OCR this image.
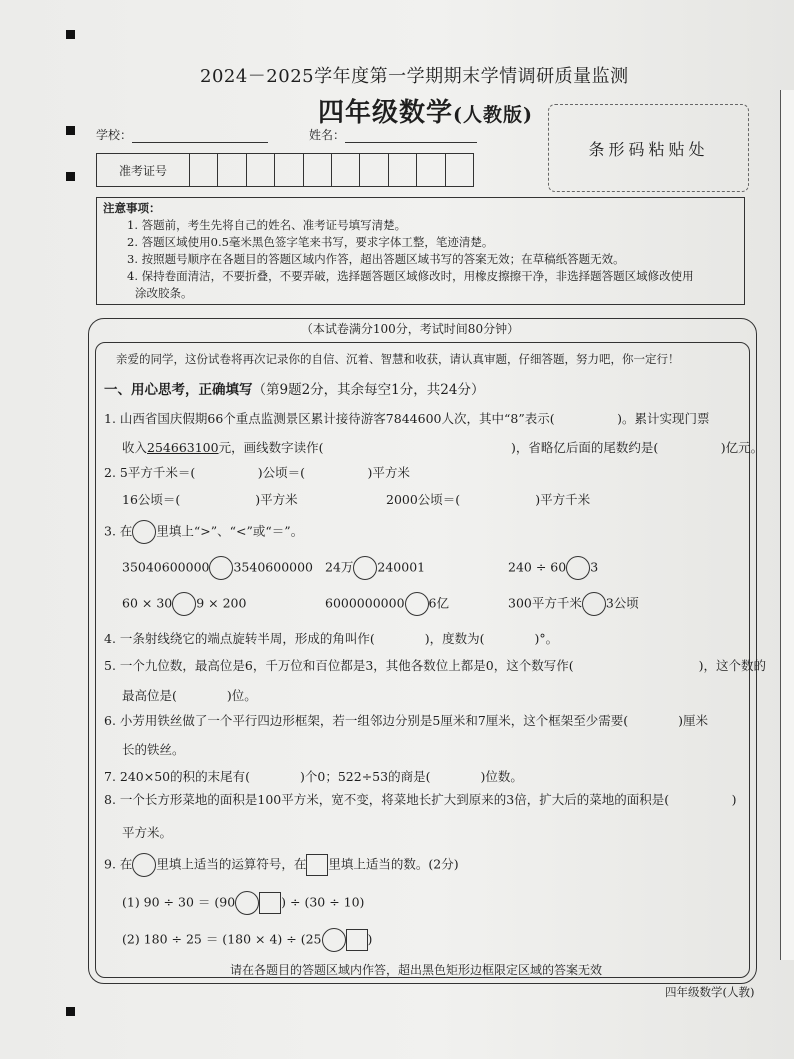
2024－2025学年度第一学期期末学情调研质量监测
四年级数学(人教版)
学校：	姓名：
准考证号
条形码粘贴处
注意事项：
1. 答题前，考生先将自己的姓名、准考证号填写清楚。
2. 答题区域使用0.5毫米黑色签字笔来书写，要求字体工整，笔迹清楚。
3. 按照题号顺序在各题目的答题区域内作答，超出答题区域书写的答案无效；在草稿纸答题无效。
4. 保持卷面清洁，不要折叠，不要弄破，选择题答题区域修改时，用橡皮擦擦干净，非选择题答题区域修改使用
涂改胶条。
（本试卷满分100分，考试时间80分钟）
亲爱的同学，这份试卷将再次记录你的自信、沉着、智慧和收获，请认真审题，仔细答题，努力吧，你一定行！
一、用心思考，正确填写（第9题2分，其余每空1分，共24分）
1. 山西省国庆假期66个重点监测景区累计接待游客7844600人次，其中“8”表示(　　　　　)。累计实现门票
收入254663100元，画线数字读作(　　　　　　　　　　　　　　　)，省略亿后面的尾数约是(　　　　　)亿元。
2. 5平方千米＝(　　　　　)公顷＝(　　　　　)平方米
16公顷＝(　　　　　　)平方米	2000公顷＝(　　　　　　)平方千米
3. 在 里填上“>”、“<”或“＝”。
35040600000 3540600000 24万 240001	240 ÷ 60 3
60 × 30 9 × 200	6000000000 6亿	300平方千米 3公顷
4. 一条射线绕它的端点旋转半周，形成的角叫作(　　　　)，度数为(　　　　)°。
5. 一个九位数，最高位是6，千万位和百位都是3，其他各数位上都是0，这个数写作(　　　　　　　　　　)，这个数的
最高位是(　　　　)位。
6. 小芳用铁丝做了一个平行四边形框架，若一组邻边分别是5厘米和7厘米，这个框架至少需要(　　　　)厘米
长的铁丝。
7. 240×50的积的末尾有(　　　　)个0；522÷53的商是(　　　　)位数。
8. 一个长方形菜地的面积是100平方米，宽不变，将菜地长扩大到原来的3倍，扩大后的菜地的面积是(　　　　　)
平方米。
9. 在 里填上适当的运算符号，在 里填上适当的数。(2分)
(1) 90 ÷ 30 ＝ (90	) ÷ (30 ÷ 10)
(2) 180 ÷ 25 ＝ (180 × 4) ÷ (25	)
请在各题目的答题区域内作答，超出黑色矩形边框限定区域的答案无效
四年级数学(人教)
